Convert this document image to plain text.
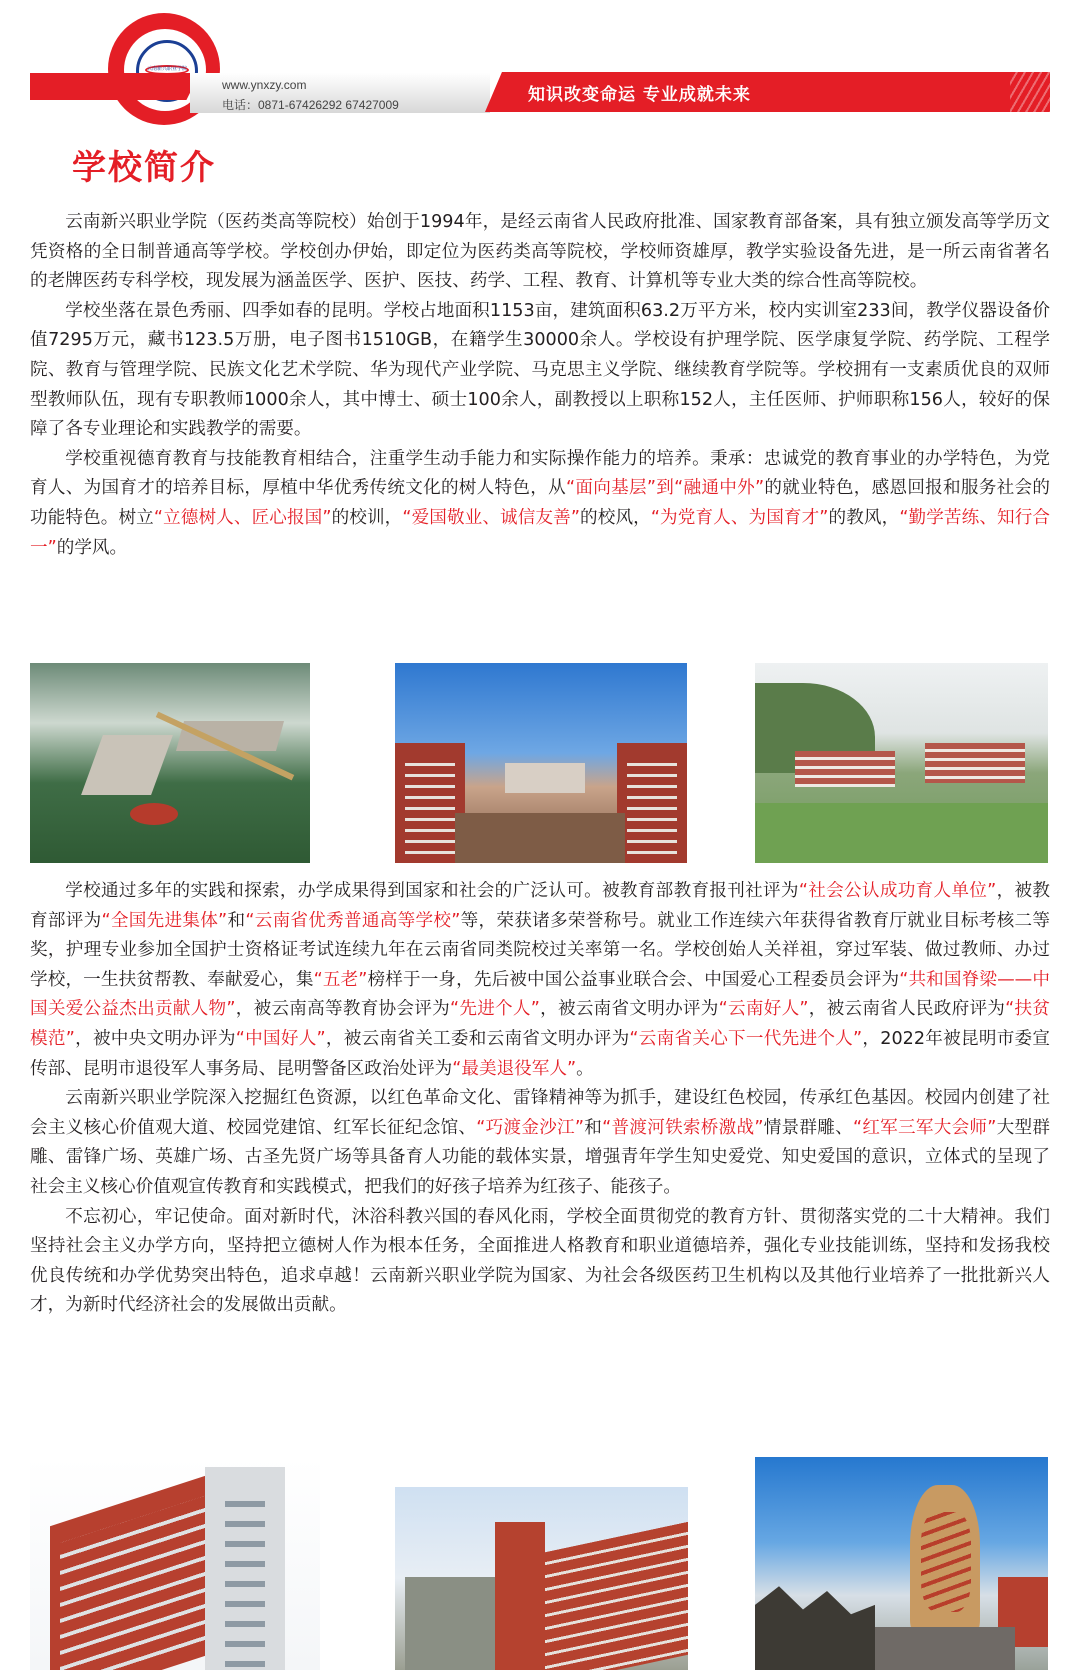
云南新兴职业学院
www.ynxzy.com
电话：0871-67426292 67427009	知识改变命运 专业成就未来
学校简介

云南新兴职业学院（医药类高等院校）始创于1994年，是经云南省人民政府批准、国家教育部备案，具有独立颁发高等学历文凭资格的全日制普通高等学校。学校创办伊始，即定位为医药类高等院校，学校师资雄厚，教学实验设备先进，是一所云南省著名的老牌医药专科学校，现发展为涵盖医学、医护、医技、药学、工程、教育、计算机等专业大类的综合性高等院校。

学校坐落在景色秀丽、四季如春的昆明。学校占地面积1153亩，建筑面积63.2万平方米，校内实训室233间，教学仪器设备价值7295万元，藏书123.5万册，电子图书1510GB，在籍学生30000余人。学校设有护理学院、医学康复学院、药学院、工程学院、教育与管理学院、民族文化艺术学院、华为现代产业学院、马克思主义学院、继续教育学院等。学校拥有一支素质优良的双师型教师队伍，现有专职教师1000余人，其中博士、硕士100余人，副教授以上职称152人，主任医师、护师职称156人，较好的保障了各专业理论和实践教学的需要。

学校重视德育教育与技能教育相结合，注重学生动手能力和实际操作能力的培养。秉承：忠诚党的教育事业的办学特色，为党育人、为国育才的培养目标，厚植中华优秀传统文化的树人特色，从“面向基层”到“融通中外”的就业特色，感恩回报和服务社会的功能特色。树立“立德树人、匠心报国”的校训，“爱国敬业、诚信友善”的校风，“为党育人、为国育才”的教风，“勤学苦练、知行合一”的学风。

学校通过多年的实践和探索，办学成果得到国家和社会的广泛认可。被教育部教育报刊社评为“社会公认成功育人单位”，被教育部评为“全国先进集体”和“云南省优秀普通高等学校”等，荣获诸多荣誉称号。就业工作连续六年获得省教育厅就业目标考核二等奖，护理专业参加全国护士资格证考试连续九年在云南省同类院校过关率第一名。学校创始人关祥祖，穿过军装、做过教师、办过学校，一生扶贫帮教、奉献爱心，集“五老”榜样于一身，先后被中国公益事业联合会、中国爱心工程委员会评为“共和国脊梁——中国关爱公益杰出贡献人物”，被云南高等教育协会评为“先进个人”，被云南省文明办评为“云南好人”，被云南省人民政府评为“扶贫模范”，被中央文明办评为“中国好人”，被云南省关工委和云南省文明办评为“云南省关心下一代先进个人”，2022年被昆明市委宣传部、昆明市退役军人事务局、昆明警备区政治处评为“最美退役军人”。

云南新兴职业学院深入挖掘红色资源，以红色革命文化、雷锋精神等为抓手，建设红色校园，传承红色基因。校园内创建了社会主义核心价值观大道、校园党建馆、红军长征纪念馆、“巧渡金沙江”和“普渡河铁索桥激战”情景群雕、“红军三军大会师”大型群雕、雷锋广场、英雄广场、古圣先贤广场等具备育人功能的载体实景，增强青年学生知史爱党、知史爱国的意识，立体式的呈现了社会主义核心价值观宣传教育和实践模式，把我们的好孩子培养为红孩子、能孩子。

不忘初心，牢记使命。面对新时代，沐浴科教兴国的春风化雨，学校全面贯彻党的教育方针、贯彻落实党的二十大精神。我们坚持社会主义办学方向，坚持把立德树人作为根本任务，全面推进人格教育和职业道德培养，强化专业技能训练，坚持和发扬我校优良传统和办学优势突出特色，追求卓越！云南新兴职业学院为国家、为社会各级医药卫生机构以及其他行业培养了一批批新兴人才，为新时代经济社会的发展做出贡献。
